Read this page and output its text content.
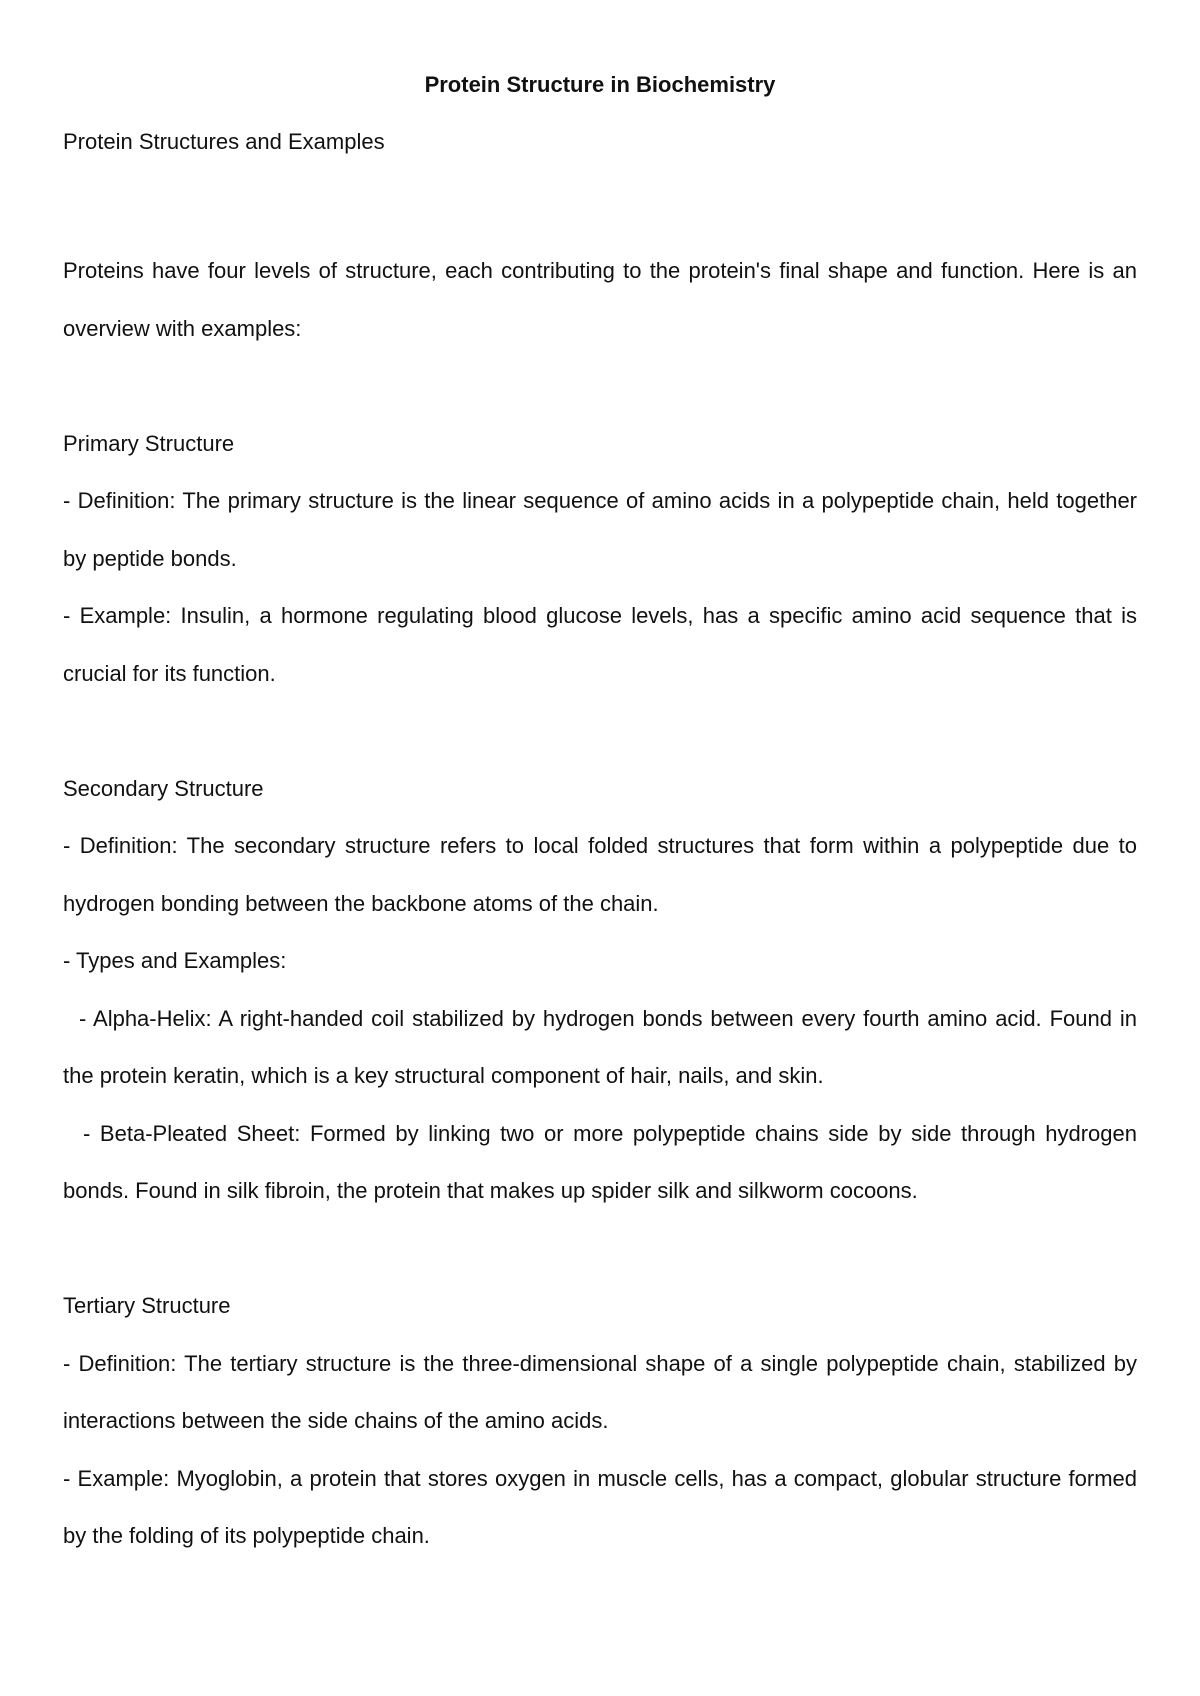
Protein Structure in Biochemistry

Protein Structures and Examples

Proteins have four levels of structure, each contributing to the protein's final shape and function. Here is an overview with examples:

Primary Structure

- Definition: The primary structure is the linear sequence of amino acids in a polypeptide chain, held together by peptide bonds.

- Example: Insulin, a hormone regulating blood glucose levels, has a specific amino acid sequence that is crucial for its function.

Secondary Structure

- Definition: The secondary structure refers to local folded structures that form within a polypeptide due to hydrogen bonding between the backbone atoms of the chain.

- Types and Examples:

- Alpha-Helix: A right-handed coil stabilized by hydrogen bonds between every fourth amino acid. Found in the protein keratin, which is a key structural component of hair, nails, and skin.

- Beta-Pleated Sheet: Formed by linking two or more polypeptide chains side by side through hydrogen bonds. Found in silk fibroin, the protein that makes up spider silk and silkworm cocoons.

Tertiary Structure

- Definition: The tertiary structure is the three-dimensional shape of a single polypeptide chain, stabilized by interactions between the side chains of the amino acids.

- Example: Myoglobin, a protein that stores oxygen in muscle cells, has a compact, globular structure formed by the folding of its polypeptide chain.
